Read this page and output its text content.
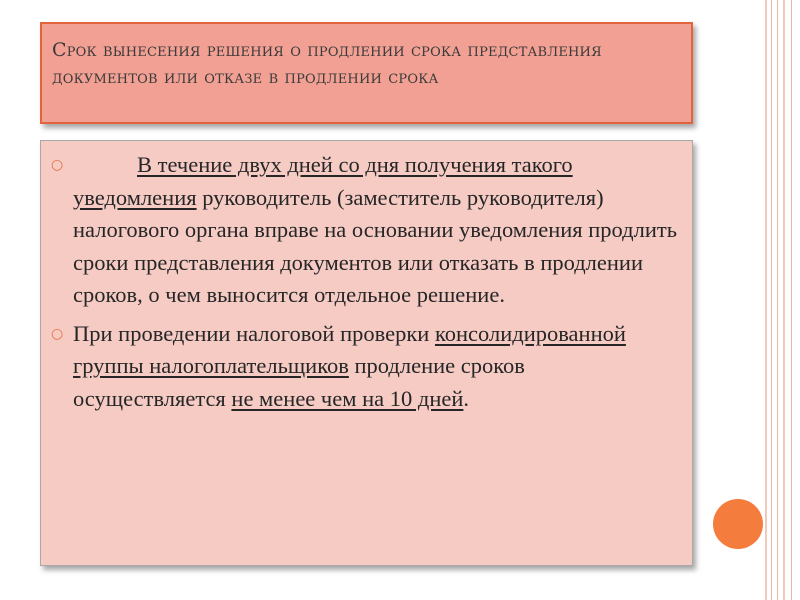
Срок вынесения решения о продлении срока представления документов или отказе в продлении срока
○	В течение двух дней со дня получения такого уведомления руководитель (заместитель руководителя) налогового органа вправе на основании уведомления продлить сроки представления документов или отказать в продлении сроков, о чем выносится отдельное решение.
○ При проведении налоговой проверки консолидированной группы налогоплательщиков продление сроков осуществляется не менее чем на 10 дней.
